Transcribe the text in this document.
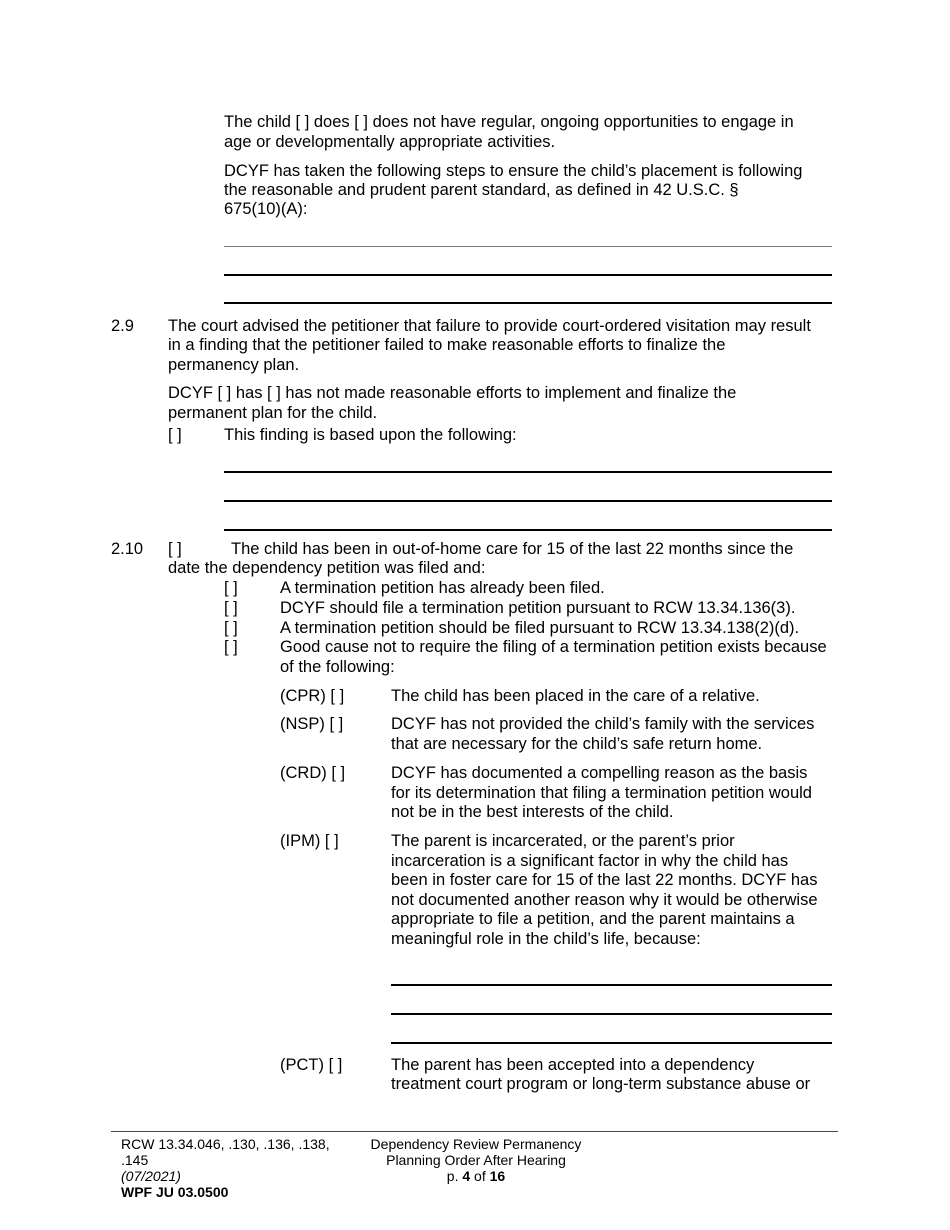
The child [ ] does [ ] does not have regular, ongoing opportunities to engage in
age or developmentally appropriate activities.
DCYF has taken the following steps to ensure the child’s placement is following
the reasonable and prudent parent standard, as defined in 42 U.S.C. §
675(10)(A):
2.9 The court advised the petitioner that failure to provide court-ordered visitation may result
in a finding that the petitioner failed to make reasonable efforts to finalize the
permanency plan.
DCYF [ ] has [ ] has not made reasonable efforts to implement and finalize the
permanent plan for the child.
[ ]	This finding is based upon the following:
2.10 [ ]	The child has been in out-of-home care for 15 of the last 22 months since the
date the dependency petition was filed and:
[ ]	A termination petition has already been filed.
[ ]	DCYF should file a termination petition pursuant to RCW 13.34.136(3).
[ ]	A termination petition should be filed pursuant to RCW 13.34.138(2)(d).
[ ]	Good cause not to require the filing of a termination petition exists because
of the following:
(CPR) [ ]	The child has been placed in the care of a relative.
(NSP) [ ]	DCYF has not provided the child’s family with the services
that are necessary for the child’s safe return home.
(CRD) [ ]	DCYF has documented a compelling reason as the basis
for its determination that filing a termination petition would
not be in the best interests of the child.
(IPM) [ ]	The parent is incarcerated, or the parent’s prior
incarceration is a significant factor in why the child has
been in foster care for 15 of the last 22 months. DCYF has
not documented another reason why it would be otherwise
appropriate to file a petition, and the parent maintains a
meaningful role in the child’s life, because:
(PCT) [ ]	The parent has been accepted into a dependency
treatment court program or long-term substance abuse or
RCW 13.34.046, .130, .136, .138,
.145
(07/2021)
WPF JU 03.0500
Dependency Review Permanency
Planning Order After Hearing
p. 4 of 16
